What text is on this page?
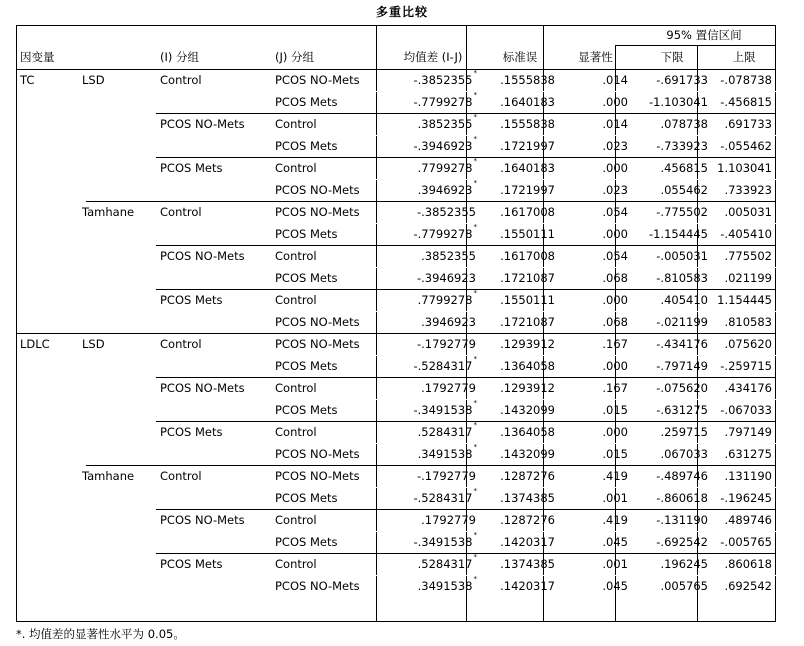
多重比较
							95% 置信区间	
因变量		(I) 分组	(J) 分组	均值差 (I-J)	标准误	显著性	下限	上限
TC	LSD	Control	PCOS NO-Mets	-.3852355*	.1555838	.014	-.691733	-.078738
			PCOS Mets	-.7799278*	.1640183	.000	-1.103041	-.456815
		PCOS NO-Mets	Control	.3852355*	.1555838	.014	.078738	.691733
			PCOS Mets	-.3946923*	.1721997	.023	-.733923	-.055462
		PCOS Mets	Control	.7799278*	.1640183	.000	.456815	1.103041
			PCOS NO-Mets	.3946923*	.1721997	.023	.055462	.733923
	Tamhane	Control	PCOS NO-Mets	-.3852355	.1617008	.054	-.775502	.005031
			PCOS Mets	-.7799278*	.1550111	.000	-1.154445	-.405410
		PCOS NO-Mets	Control	.3852355	.1617008	.054	-.005031	.775502
			PCOS Mets	-.3946923	.1721087	.068	-.810583	.021199
		PCOS Mets	Control	.7799278*	.1550111	.000	.405410	1.154445
			PCOS NO-Mets	.3946923	.1721087	.068	-.021199	.810583
LDLC	LSD	Control	PCOS NO-Mets	-.1792779	.1293912	.167	-.434176	.075620
			PCOS Mets	-.5284317*	.1364058	.000	-.797149	-.259715
		PCOS NO-Mets	Control	.1792779	.1293912	.167	-.075620	.434176
			PCOS Mets	-.3491538*	.1432099	.015	-.631275	-.067033
		PCOS Mets	Control	.5284317*	.1364058	.000	.259715	.797149
			PCOS NO-Mets	.3491538*	.1432099	.015	.067033	.631275
	Tamhane	Control	PCOS NO-Mets	-.1792779	.1287276	.419	-.489746	.131190
			PCOS Mets	-.5284317*	.1374385	.001	-.860618	-.196245
		PCOS NO-Mets	Control	.1792779	.1287276	.419	-.131190	.489746
			PCOS Mets	-.3491538*	.1420317	.045	-.692542	-.005765
		PCOS Mets	Control	.5284317*	.1374385	.001	.196245	.860618
			PCOS NO-Mets	.3491538*	.1420317	.045	.005765	.692542
*. 均值差的显著性水平为 0.05。
